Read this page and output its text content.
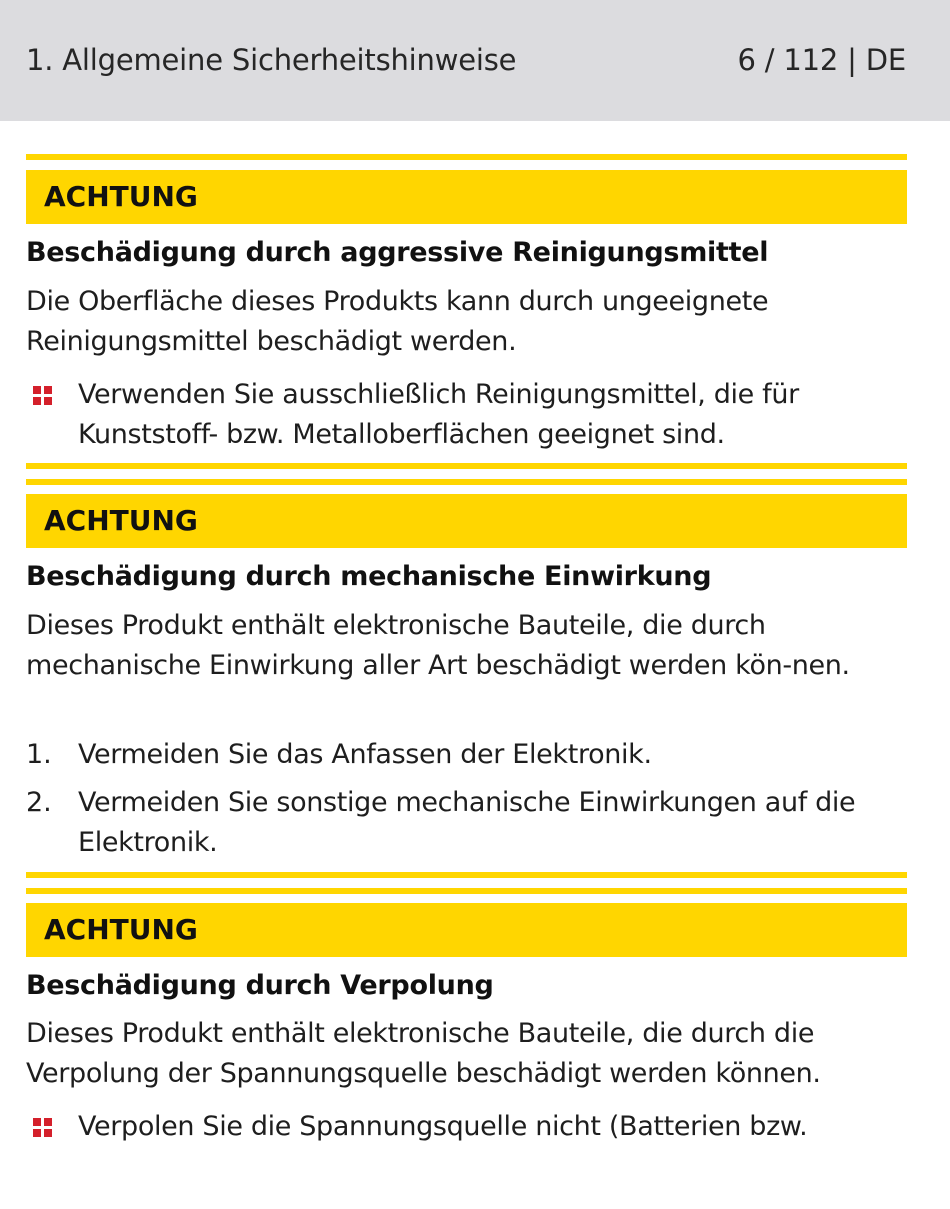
1. Allgemeine Sicherheitshinweise	6 / 112 | DE
ACHTUNG
Beschädigung durch aggressive Reinigungsmittel
Die Oberfläche dieses Produkts kann durch ungeeignete Reinigungsmittel beschädigt werden.
Verwenden Sie ausschließlich Reinigungsmittel, die für Kunststoff- bzw. Metalloberflächen geeignet sind.
ACHTUNG
Beschädigung durch mechanische Einwirkung
Dieses Produkt enthält elektronische Bauteile, die durch mechanische Einwirkung aller Art beschädigt werden kön-nen.
1. Vermeiden Sie das Anfassen der Elektronik.
2. Vermeiden Sie sonstige mechanische Einwirkungen auf die Elektronik.
ACHTUNG
Beschädigung durch Verpolung
Dieses Produkt enthält elektronische Bauteile, die durch die Verpolung der Spannungsquelle beschädigt werden können.
Verpolen Sie die Spannungsquelle nicht (Batterien bzw.
